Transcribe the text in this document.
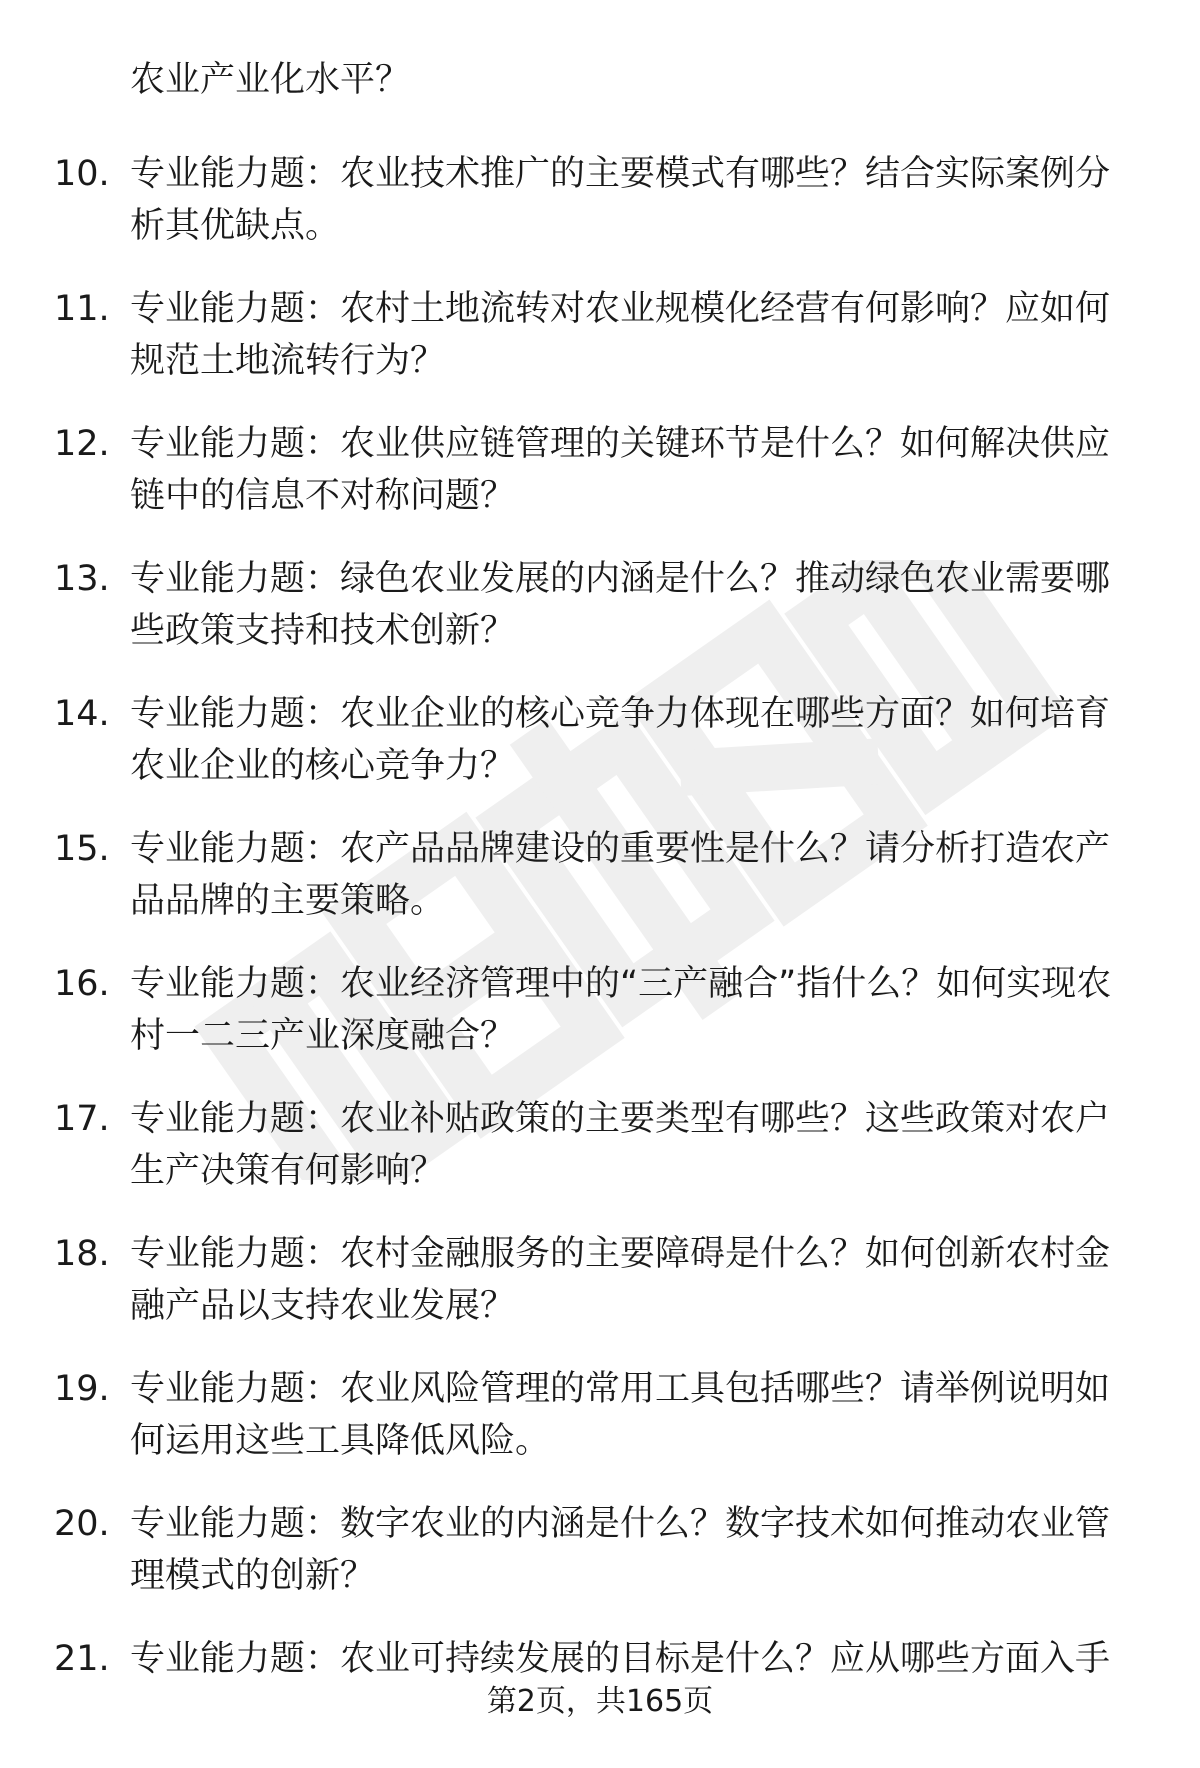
农业产业化水平？
10. 专业能力题：农业技术推广的主要模式有哪些？结合实际案例分析其优缺点。
11. 专业能力题：农村土地流转对农业规模化经营有何影响？应如何规范土地流转行为？
12. 专业能力题：农业供应链管理的关键环节是什么？如何解决供应链中的信息不对称问题？
13. 专业能力题：绿色农业发展的内涵是什么？推动绿色农业需要哪些政策支持和技术创新？
14. 专业能力题：农业企业的核心竞争力体现在哪些方面？如何培育农业企业的核心竞争力？
15. 专业能力题：农产品品牌建设的重要性是什么？请分析打造农产品品牌的主要策略。
16. 专业能力题：农业经济管理中的“三产融合”指什么？如何实现农村一二三产业深度融合？
17. 专业能力题：农业补贴政策的主要类型有哪些？这些政策对农户生产决策有何影响？
18. 专业能力题：农村金融服务的主要障碍是什么？如何创新农村金融产品以支持农业发展？
19. 专业能力题：农业风险管理的常用工具包括哪些？请举例说明如何运用这些工具降低风险。
20. 专业能力题：数字农业的内涵是什么？数字技术如何推动农业管理模式的创新？
21. 专业能力题：农业可持续发展的目标是什么？应从哪些方面入手
第2页，共165页
